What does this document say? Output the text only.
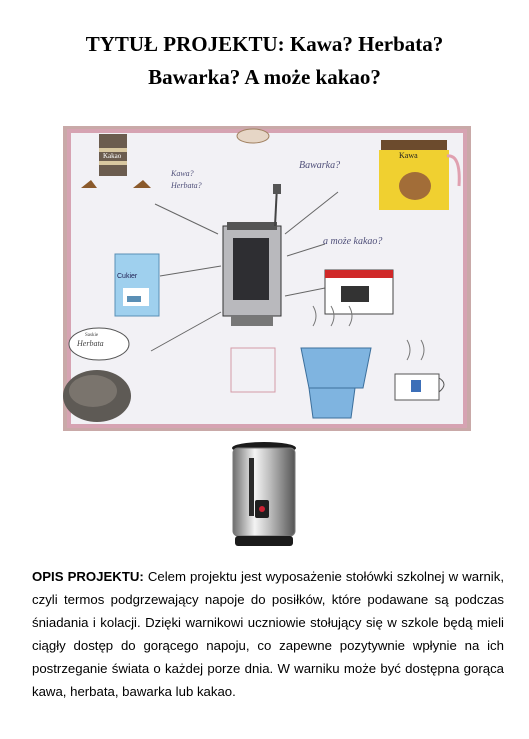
TYTUŁ PROJEKTU: Kawa? Herbata?
Bawarka? A może kakao?
Kakao
Kawa?
Herbata?
Bawarka?
a może kakao?
Kawa
Cukier
Herbata
Saskie
OPIS PROJEKTU: Celem projektu jest wyposażenie stołówki szkolnej w warnik, czyli termos podgrzewający napoje do posiłków, które podawane są podczas śniadania i kolacji. Dzięki warnikowi uczniowie stołujący się w szkole będą mieli ciągły dostęp do gorącego napoju, co zapewne pozytywnie wpłynie na ich postrzeganie świata o każdej porze dnia. W warniku może być dostępna gorąca kawa, herbata, bawarka lub kakao.
